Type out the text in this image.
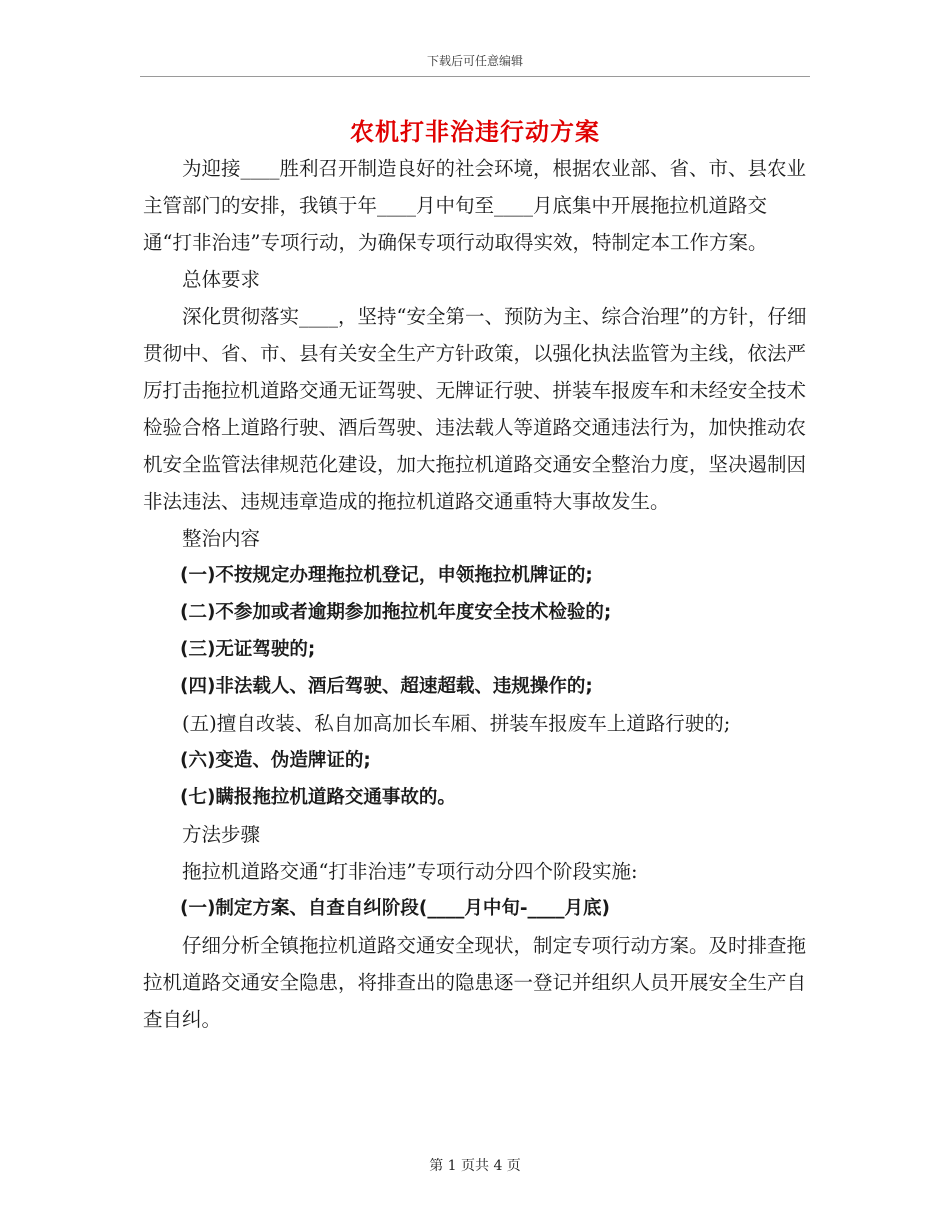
下载后可任意编辑
农机打非治违行动方案

为迎接____胜利召开制造良好的社会环境，根据农业部、省、市、县农业主管部门的安排，我镇于年____月中旬至____月底集中开展拖拉机道路交通“打非治违”专项行动，为确保专项行动取得实效，特制定本工作方案。

总体要求

深化贯彻落实____，坚持“安全第一、预防为主、综合治理”的方针，仔细贯彻中、省、市、县有关安全生产方针政策，以强化执法监管为主线，依法严厉打击拖拉机道路交通无证驾驶、无牌证行驶、拼装车报废车和未经安全技术检验合格上道路行驶、酒后驾驶、违法载人等道路交通违法行为，加快推动农机安全监管法律规范化建设，加大拖拉机道路交通安全整治力度，坚决遏制因非法违法、违规违章造成的拖拉机道路交通重特大事故发生。

整治内容

(一)不按规定办理拖拉机登记，申领拖拉机牌证的;

(二)不参加或者逾期参加拖拉机年度安全技术检验的;

(三)无证驾驶的;

(四)非法载人、酒后驾驶、超速超载、违规操作的;

(五)擅自改装、私自加高加长车厢、拼装车报废车上道路行驶的;

(六)变造、伪造牌证的;

(七)瞒报拖拉机道路交通事故的。

方法步骤

拖拉机道路交通“打非治违”专项行动分四个阶段实施:

(一)制定方案、自查自纠阶段(____月中旬-____月底)

仔细分析全镇拖拉机道路交通安全现状，制定专项行动方案。及时排查拖拉机道路交通安全隐患，将排查出的隐患逐一登记并组织人员开展安全生产自查自纠。

第 1 页共 4 页
